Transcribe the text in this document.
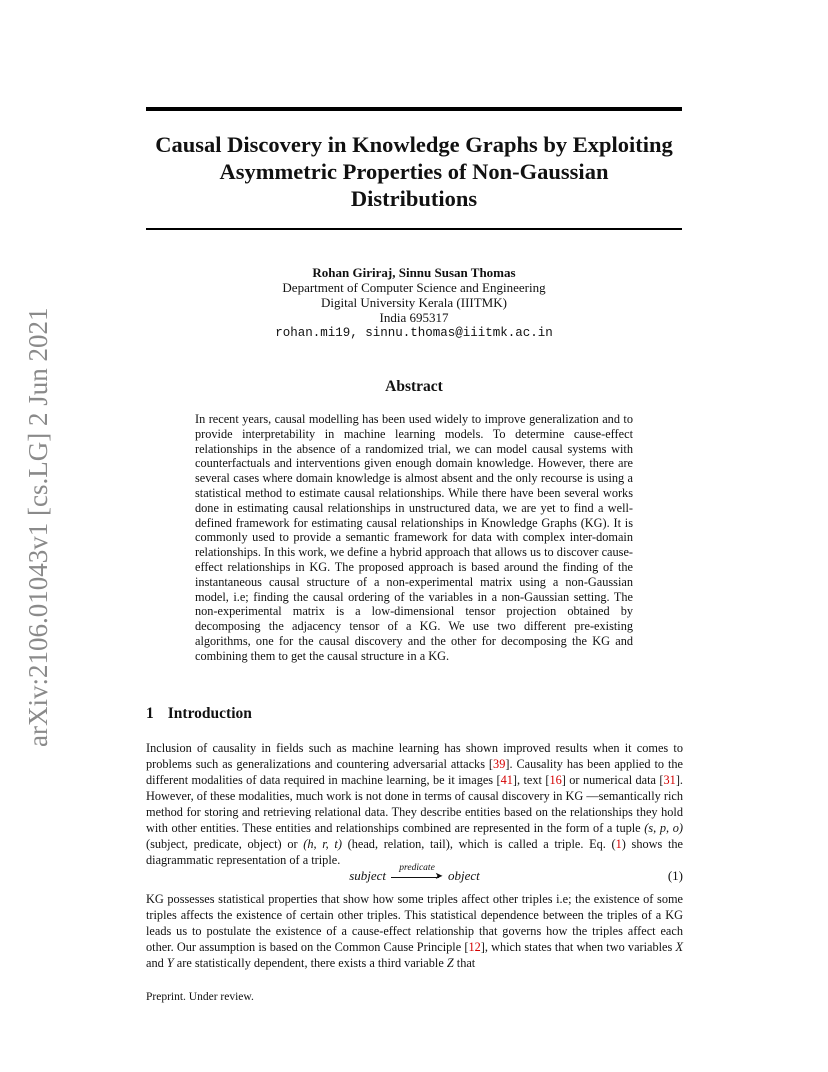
arXiv:2106.01043v1 [cs.LG] 2 Jun 2021
Causal Discovery in Knowledge Graphs by Exploiting
Asymmetric Properties of Non-Gaussian
Distributions
Rohan Giriraj, Sinnu Susan Thomas
Department of Computer Science and Engineering
Digital University Kerala (IIITMK)
India 695317
rohan.mi19, sinnu.thomas@iiitmk.ac.in
Abstract
In recent years, causal modelling has been used widely to improve generalization and to provide interpretability in machine learning models. To determine cause-effect relationships in the absence of a randomized trial, we can model causal systems with counterfactuals and interventions given enough domain knowledge. However, there are several cases where domain knowledge is almost absent and the only recourse is using a statistical method to estimate causal relationships. While there have been several works done in estimating causal relationships in unstructured data, we are yet to find a well-defined framework for estimating causal relationships in Knowledge Graphs (KG). It is commonly used to provide a semantic framework for data with complex inter-domain relationships. In this work, we define a hybrid approach that allows us to discover cause-effect relationships in KG. The proposed approach is based around the finding of the instantaneous causal structure of a non-experimental matrix using a non-Gaussian model, i.e; finding the causal ordering of the variables in a non-Gaussian setting. The non-experimental matrix is a low-dimensional tensor projection obtained by decomposing the adjacency tensor of a KG. We use two different pre-existing algorithms, one for the causal discovery and the other for decomposing the KG and combining them to get the causal structure in a KG.
1 Introduction
Inclusion of causality in fields such as machine learning has shown improved results when it comes to problems such as generalizations and countering adversarial attacks [39]. Causality has been applied to the different modalities of data required in machine learning, be it images [41], text [16] or numerical data [31]. However, of these modalities, much work is not done in terms of causal discovery in KG —semantically rich method for storing and retrieving relational data. They describe entities based on the relationships they hold with other entities. These entities and relationships combined are represented in the form of a tuple (s, p, o) (subject, predicate, object) or (h, r, t) (head, relation, tail), which is called a triple. Eq. (1) shows the diagrammatic representation of a triple.
subject
predicate
➤ object	(1)
KG possesses statistical properties that show how some triples affect other triples i.e; the existence of some triples affects the existence of certain other triples. This statistical dependence between the triples of a KG leads us to postulate the existence of a cause-effect relationship that governs how the triples affect each other. Our assumption is based on the Common Cause Principle [12], which states that when two variables X and Y are statistically dependent, there exists a third variable Z that
Preprint. Under review.
